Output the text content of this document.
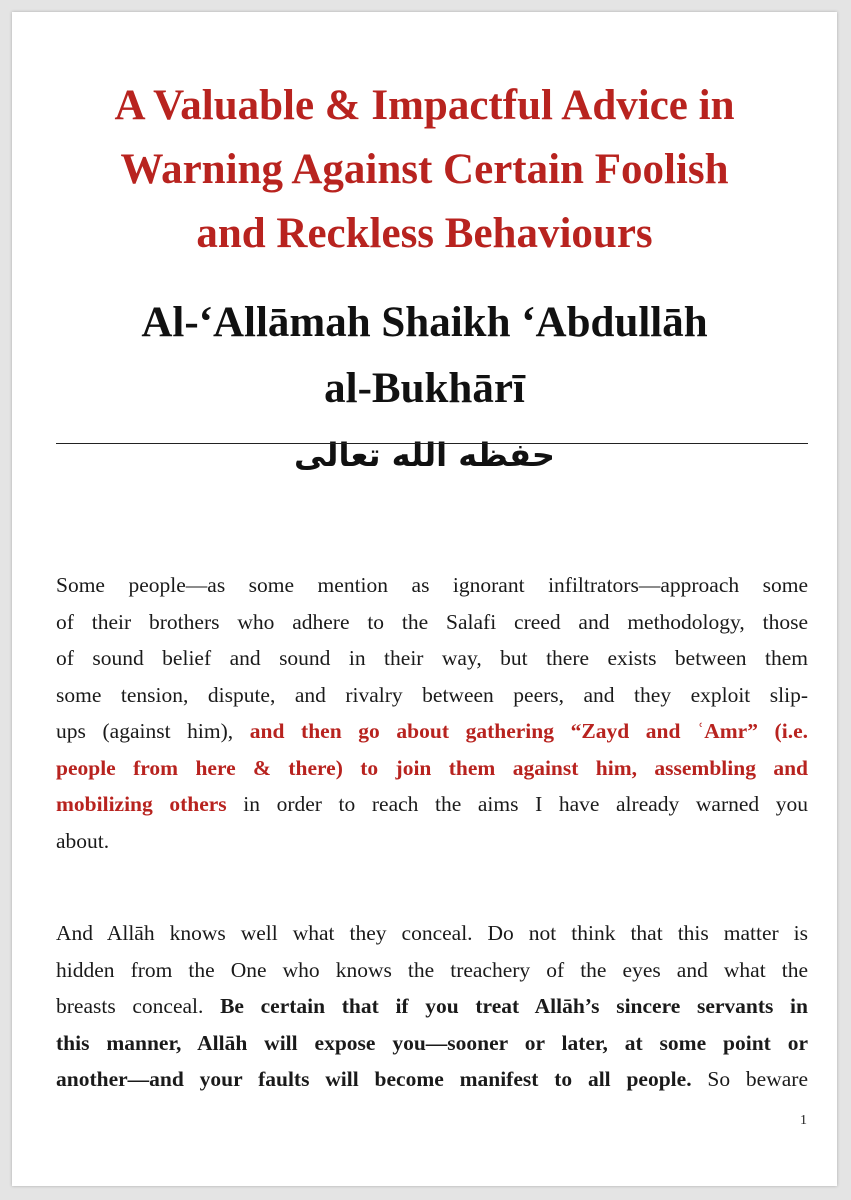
A Valuable & Impactful Advice in
Warning Against Certain Foolish
and Reckless Behaviours
Al-‘Allāmah Shaikh ‘Abdullāh
al-Bukhārī
حفظه الله تعالى

Some people—as some mention as ignorant infiltrators—approach some
of their brothers who adhere to the Salafi creed and methodology, those
of sound belief and sound in their way, but there exists between them
some tension, dispute, and rivalry between peers, and they exploit slip-
ups (against him), and then go about gathering “Zayd and ʿAmr” (i.e.
people from here & there) to join them against him, assembling and
mobilizing others in order to reach the aims I have already warned you
about.

And Allāh knows well what they conceal. Do not think that this matter is
hidden from the One who knows the treachery of the eyes and what the
breasts conceal. Be certain that if you treat Allāh’s sincere servants in
this manner, Allāh will expose you—sooner or later, at some point or
another—and your faults will become manifest to all people. So beware

1
